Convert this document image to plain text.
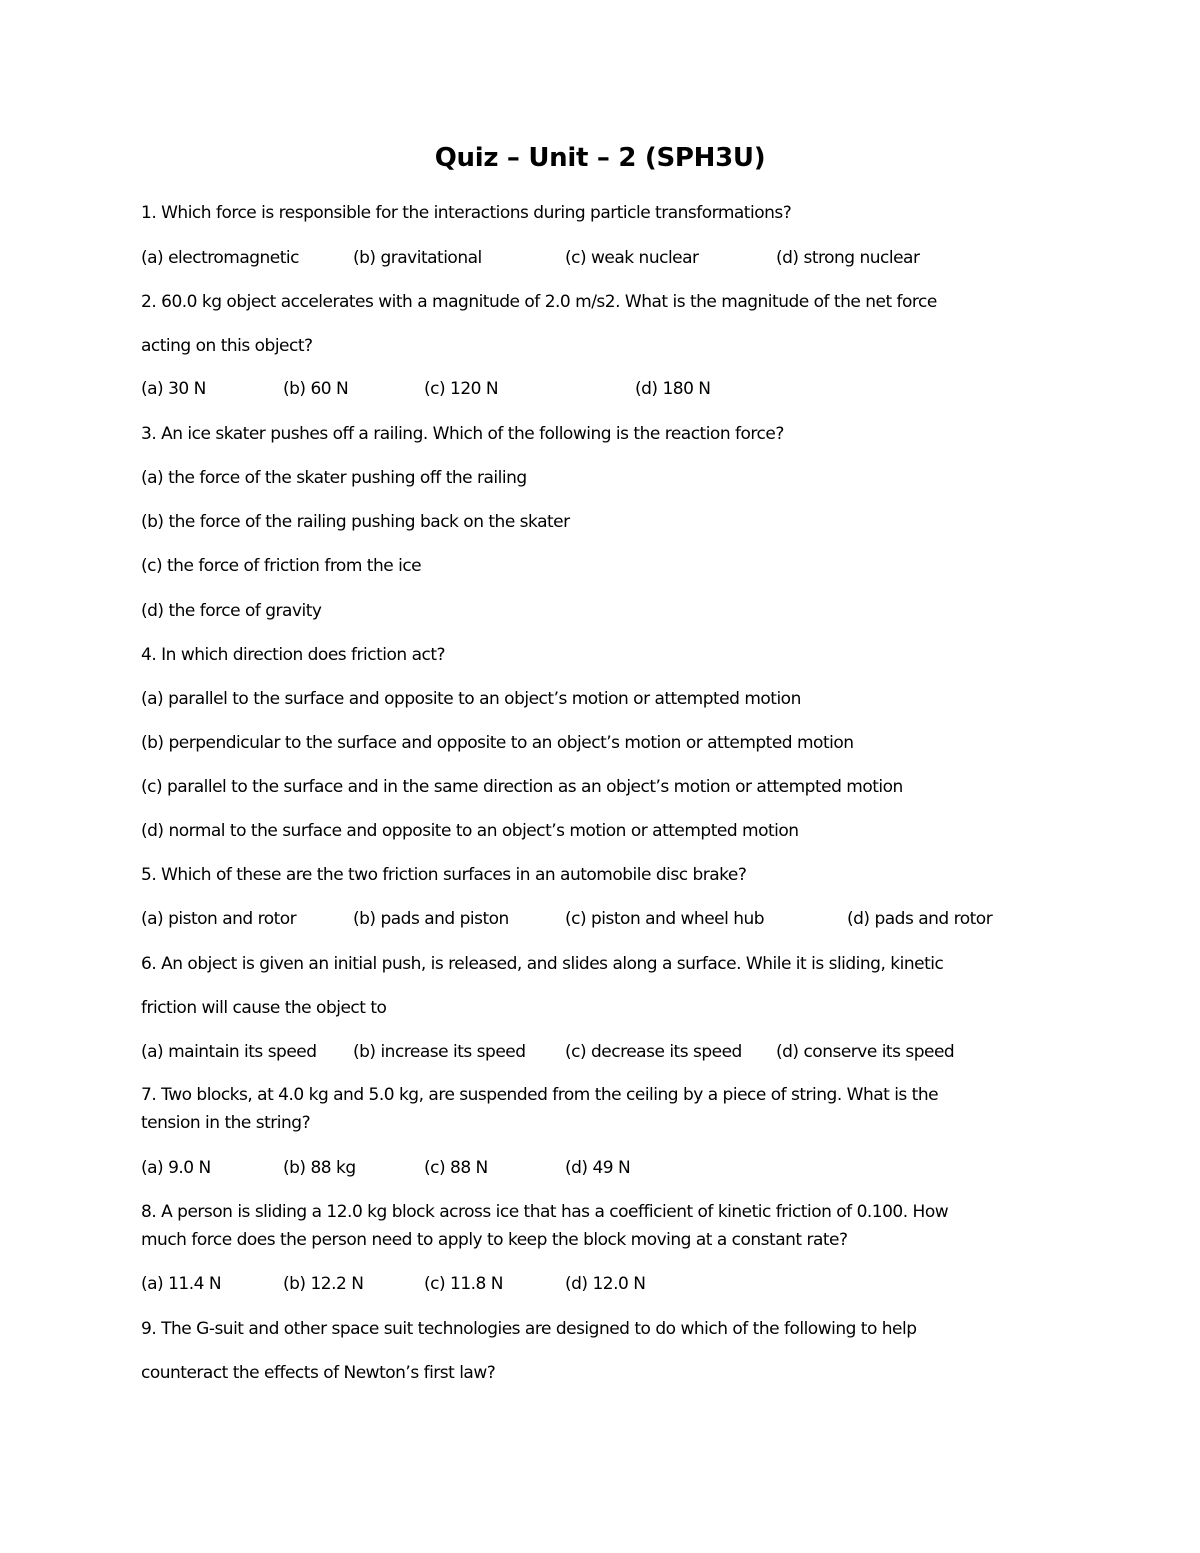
Quiz – Unit – 2 (SPH3U)
1. Which force is responsible for the interactions during particle transformations?
(a) electromagnetic	(b) gravitational	(c) weak nuclear	(d) strong nuclear
2. 60.0 kg object accelerates with a magnitude of 2.0 m/s2. What is the magnitude of the net force
acting on this object?
(a) 30 N	(b) 60 N	(c) 120 N	(d) 180 N
3. An ice skater pushes off a railing. Which of the following is the reaction force?
(a) the force of the skater pushing off the railing
(b) the force of the railing pushing back on the skater
(c) the force of friction from the ice
(d) the force of gravity
4. In which direction does friction act?
(a) parallel to the surface and opposite to an object’s motion or attempted motion
(b) perpendicular to the surface and opposite to an object’s motion or attempted motion
(c) parallel to the surface and in the same direction as an object’s motion or attempted motion
(d) normal to the surface and opposite to an object’s motion or attempted motion
5. Which of these are the two friction surfaces in an automobile disc brake?
(a) piston and rotor	(b) pads and piston	(c) piston and wheel hub	(d) pads and rotor
6. An object is given an initial push, is released, and slides along a surface. While it is sliding, kinetic
friction will cause the object to
(a) maintain its speed (b) increase its speed (c) decrease its speed (d) conserve its speed
7. Two blocks, at 4.0 kg and 5.0 kg, are suspended from the ceiling by a piece of string. What is the
tension in the string?
(a) 9.0 N	(b) 88 kg	(c) 88 N	(d) 49 N
8. A person is sliding a 12.0 kg block across ice that has a coefficient of kinetic friction of 0.100. How
much force does the person need to apply to keep the block moving at a constant rate?
(a) 11.4 N	(b) 12.2 N	(c) 11.8 N	(d) 12.0 N
9. The G-suit and other space suit technologies are designed to do which of the following to help
counteract the effects of Newton’s first law?
